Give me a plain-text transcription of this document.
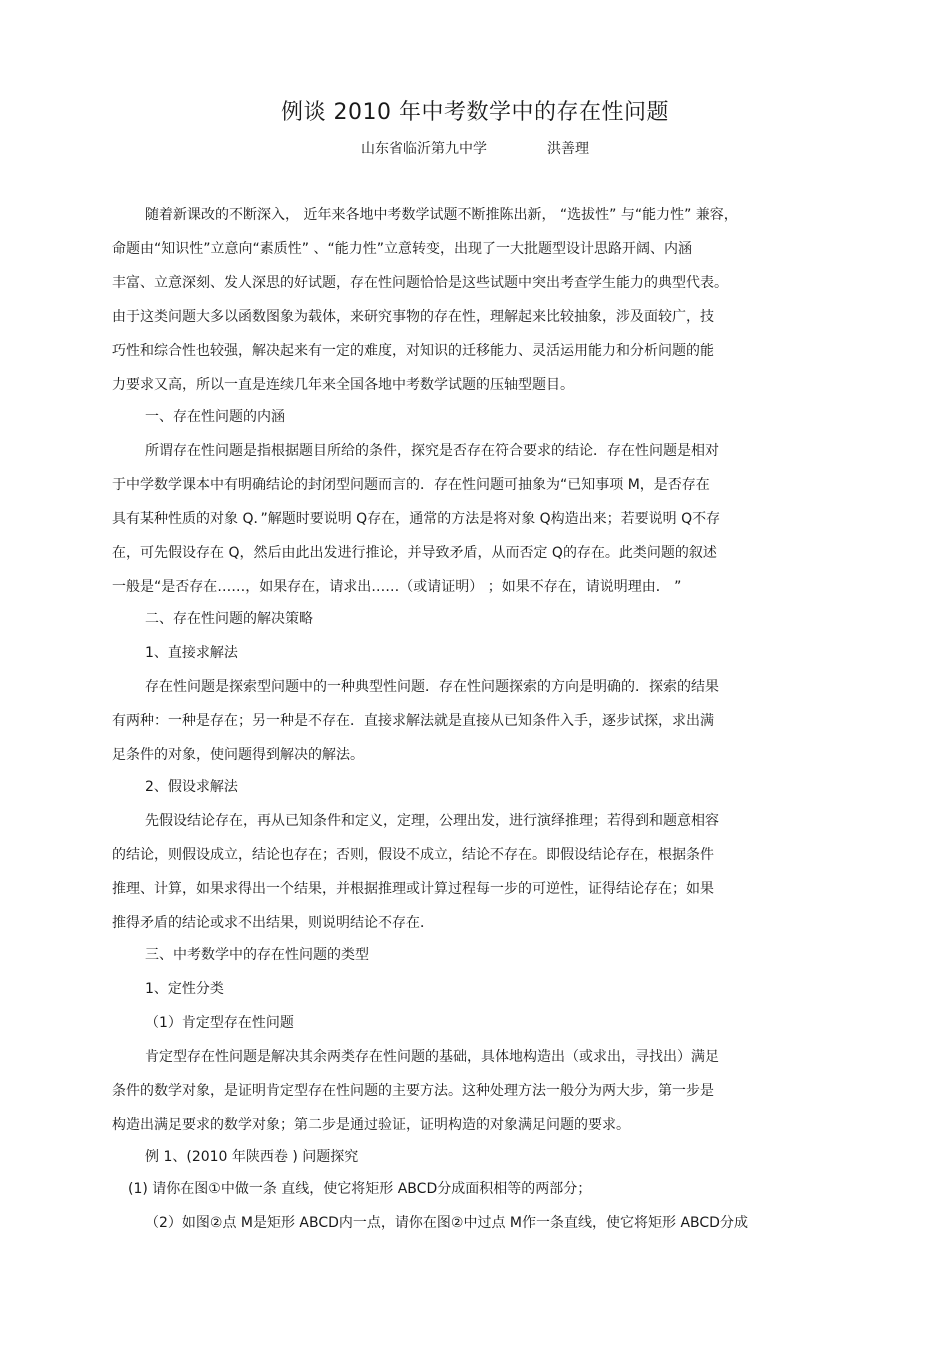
例谈 2010 年中考数学中的存在性问题
山东省临沂第九中学	洪善理
随着新课改的不断深入， 近年来各地中考数学试题不断推陈出新， “选拔性” 与“能力性” 兼容，
命题由“知识性”立意向“素质性” 、“能力性”立意转变，出现了一大批题型设计思路开阔、内涵
丰富、立意深刻、发人深思的好试题，存在性问题恰恰是这些试题中突出考查学生能力的典型代表。
由于这类问题大多以函数图象为载体，来研究事物的存在性，理解起来比较抽象，涉及面较广，技
巧性和综合性也较强，解决起来有一定的难度，对知识的迁移能力、灵活运用能力和分析问题的能
力要求又高，所以一直是连续几年来全国各地中考数学试题的压轴型题目。
一、存在性问题的内涵
所谓存在性问题是指根据题目所给的条件，探究是否存在符合要求的结论．存在性问题是相对
于中学数学课本中有明确结论的封闭型问题而言的．存在性问题可抽象为“已知事项 M，是否存在
具有某种性质的对象 Q．”解题时要说明 Q存在，通常的方法是将对象 Q构造出来；若要说明 Q不存
在，可先假设存在 Q，然后由此出发进行推论，并导致矛盾，从而否定 Q的存在。此类问题的叙述
一般是“是否存在……，如果存在，请求出……（或请证明） ；如果不存在，请说明理由． ”
二、存在性问题的解决策略
1、直接求解法
存在性问题是探索型问题中的一种典型性问题．存在性问题探索的方向是明确的．探索的结果
有两种：一种是存在；另一种是不存在．直接求解法就是直接从已知条件入手，逐步试探，求出满
足条件的对象，使问题得到解决的解法。
2、假设求解法
先假设结论存在，再从已知条件和定义，定理，公理出发，进行演绎推理；若得到和题意相容
的结论，则假设成立，结论也存在；否则，假设不成立，结论不存在。即假设结论存在，根据条件
推理、计算，如果求得出一个结果，并根据推理或计算过程每一步的可逆性，证得结论存在；如果
推得矛盾的结论或求不出结果，则说明结论不存在．
三、中考数学中的存在性问题的类型
1、定性分类
（1）肯定型存在性问题
肯定型存在性问题是解决其余两类存在性问题的基础，具体地构造出（或求出，寻找出）满足
条件的数学对象，是证明肯定型存在性问题的主要方法。这种处理方法一般分为两大步，第一步是
构造出满足要求的数学对象；第二步是通过验证，证明构造的对象满足问题的要求。
例 1、(2010 年陕西卷 ) 问题探究
(1) 请你在图①中做一条 直线，使它将矩形 ABCD分成面积相等的两部分；
（2）如图②点 M是矩形 ABCD内一点，请你在图②中过点 M作一条直线，使它将矩形 ABCD分成
